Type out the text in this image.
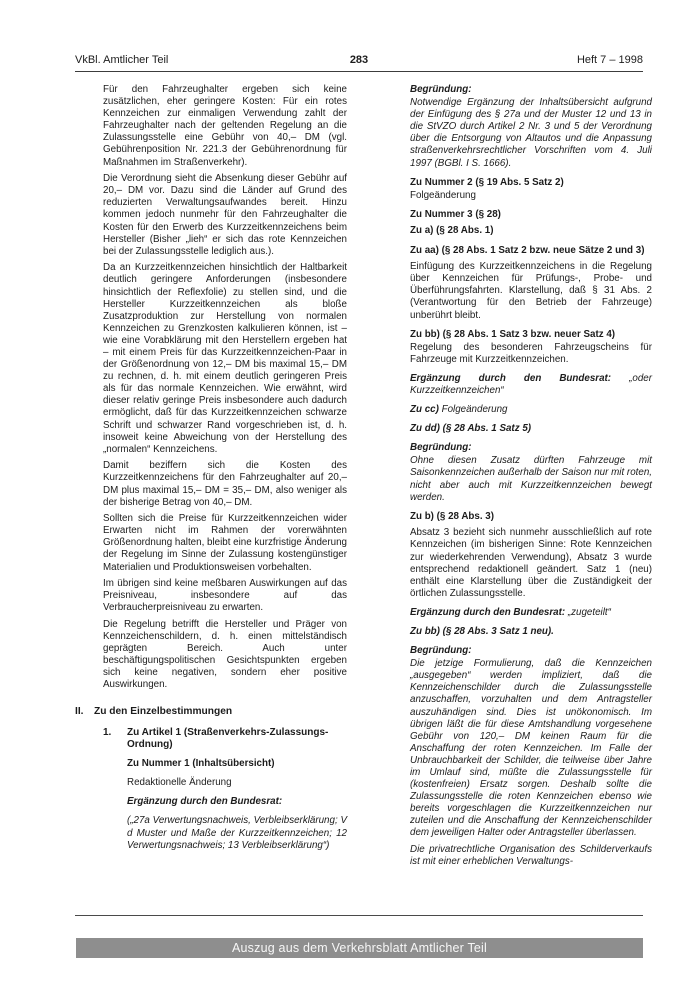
VkBl. Amtlicher Teil	283	Heft 7 – 1998

Für den Fahrzeughalter ergeben sich keine zusätzlichen, eher geringere Kosten: Für ein rotes Kennzeichen zur einmaligen Verwendung zahlt der Fahrzeughalter nach der geltenden Regelung an die Zulassungsstelle eine Gebühr von 40,– DM (vgl. Gebührenposition Nr. 221.3 der Gebührenordnung für Maßnahmen im Straßenverkehr).

Die Verordnung sieht die Absenkung dieser Gebühr auf 20,– DM vor. Dazu sind die Länder auf Grund des reduzierten Verwaltungsaufwandes bereit. Hinzu kommen jedoch nunmehr für den Fahrzeughalter die Kosten für den Erwerb des Kurzzeitkennzeichens beim Hersteller (Bisher „lieh“ er sich das rote Kennzeichen bei der Zulassungsstelle lediglich aus.).

Da an Kurzzeitkennzeichen hinsichtlich der Haltbarkeit deutlich geringere Anforderungen (insbesondere hinsichtlich der Reflexfolie) zu stellen sind, und die Hersteller Kurzzeitkennzeichen als bloße Zusatzproduktion zur Herstellung von normalen Kennzeichen zu Grenzkosten kalkulieren können, ist – wie eine Vorabklärung mit den Herstellern ergeben hat – mit einem Preis für das Kurzzeitkennzeichen-Paar in der Größenordnung von 12,– DM bis maximal 15,– DM zu rechnen, d. h. mit einem deutlich geringeren Preis als für das normale Kennzeichen. Wie erwähnt, wird dieser relativ geringe Preis insbesondere auch dadurch ermöglicht, daß für das Kurzzeitkennzeichen schwarze Schrift und schwarzer Rand vorgeschrieben ist, d. h. insoweit keine Abweichung von der Herstellung des „normalen“ Kennzeichens.

Damit beziffern sich die Kosten des Kurzzeitkennzeichens für den Fahrzeughalter auf 20,– DM plus maximal 15,– DM = 35,– DM, also weniger als der bisherige Betrag von 40,– DM.

Sollten sich die Preise für Kurzzeitkennzeichen wider Erwarten nicht im Rahmen der vorerwähnten Größenordnung halten, bleibt eine kurzfristige Änderung der Regelung im Sinne der Zulassung kostengünstiger Materialien und Produktionsweisen vorbehalten.

Im übrigen sind keine meßbaren Auswirkungen auf das Preisniveau, insbesondere auf das Verbraucherpreisniveau zu erwarten.

Die Regelung betrifft die Hersteller und Präger von Kennzeichenschildern, d. h. einen mittelständisch geprägten Bereich. Auch unter beschäftigungspolitischen Gesichtspunkten ergeben sich keine negativen, sondern eher positive Auswirkungen.

II.	Zu den Einzelbestimmungen
1.	Zu Artikel 1 (Straßenverkehrs-Zulassungs-Ordnung)

Zu Nummer 1 (Inhaltsübersicht)

Redaktionelle Änderung

Ergänzung durch den Bundesrat:

(„27a Verwertungsnachweis, Verbleibserklärung; V d Muster und Maße der Kurzzeitkennzeichen; 12 Verwertungsnachweis; 13 Verbleibserklärung“)

Begründung:

Notwendige Ergänzung der Inhaltsübersicht aufgrund der Einfügung des § 27a und der Muster 12 und 13 in die StVZO durch Artikel 2 Nr. 3 und 5 der Verordnung über die Entsorgung von Altautos und die Anpassung straßenverkehrsrechtlicher Vorschriften vom 4. Juli 1997 (BGBl. I S. 1666).

Zu Nummer 2 (§ 19 Abs. 5 Satz 2)

Folgeänderung

Zu Nummer 3 (§ 28)

Zu a) (§ 28 Abs. 1)

Zu aa) (§ 28 Abs. 1 Satz 2 bzw. neue Sätze 2 und 3)

Einfügung des Kurzzeitkennzeichens in die Regelung über Kennzeichen für Prüfungs-, Probe- und Überführungsfahrten. Klarstellung, daß § 31 Abs. 2 (Verantwortung für den Betrieb der Fahrzeuge) unberührt bleibt.

Zu bb) (§ 28 Abs. 1 Satz 3 bzw. neuer Satz 4)

Regelung des besonderen Fahrzeugscheins für Fahrzeuge mit Kurzzeitkennzeichen.

Ergänzung durch den Bundesrat: „oder Kurzzeitkennzeichen“

Zu cc) Folgeänderung

Zu dd) (§ 28 Abs. 1 Satz 5)

Begründung:

Ohne diesen Zusatz dürften Fahrzeuge mit Saisonkennzeichen außerhalb der Saison nur mit roten, nicht aber auch mit Kurzzeitkennzeichen bewegt werden.

Zu b) (§ 28 Abs. 3)

Absatz 3 bezieht sich nunmehr ausschließlich auf rote Kennzeichen (im bisherigen Sinne: Rote Kennzeichen zur wiederkehrenden Verwendung), Absatz 3 wurde entsprechend redaktionell geändert. Satz 1 (neu) enthält eine Klarstellung über die Zuständigkeit der örtlichen Zulassungsstelle.

Ergänzung durch den Bundesrat: „zugeteilt“

Zu bb) (§ 28 Abs. 3 Satz 1 neu).

Begründung:

Die jetzige Formulierung, daß die Kennzeichen „ausgegeben“ werden impliziert, daß die Kennzeichenschilder durch die Zulassungsstelle anzuschaffen, vorzuhalten und dem Antragsteller auszuhändigen sind. Dies ist unökonomisch. Im übrigen läßt die für diese Amtshandlung vorgesehene Gebühr von 120,– DM keinen Raum für die Anschaffung der roten Kennzeichen. Im Falle der Unbrauchbarkeit der Schilder, die teilweise über Jahre im Umlauf sind, müßte die Zulassungsstelle für (kostenfreien) Ersatz sorgen. Deshalb sollte die Zulassungsstelle die roten Kennzeichen ebenso wie bereits vorgeschlagen die Kurzzeitkennzeichen nur zuteilen und die Anschaffung der Kennzeichenschilder dem jeweiligen Halter oder Antragsteller überlassen.

Die privatrechtliche Organisation des Schilderverkaufs ist mit einer erheblichen Verwaltungs-

Auszug aus dem Verkehrsblatt Amtlicher Teil
